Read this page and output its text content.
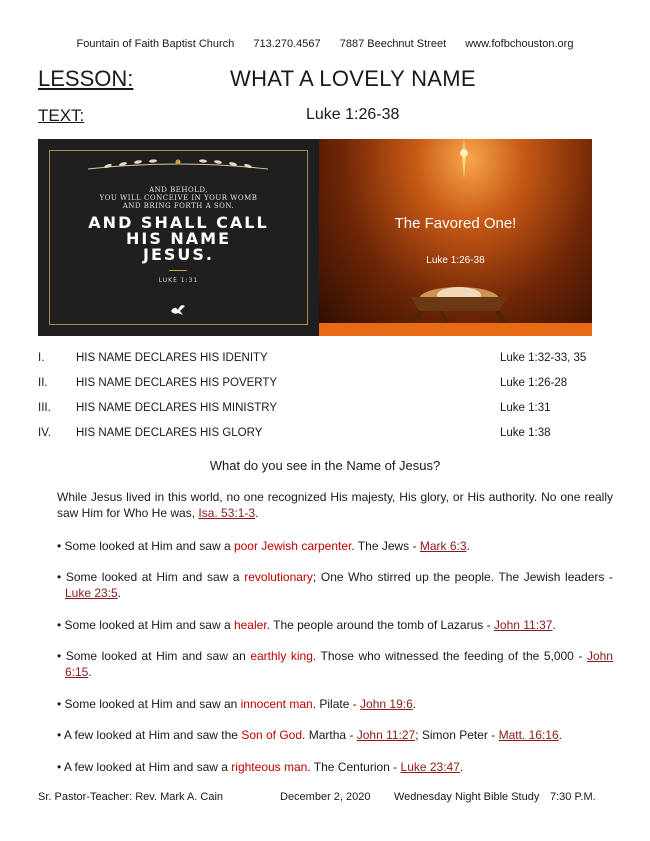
Fountain of Faith Baptist Church 713.270.4567 7887 Beechnut Street www.fofbchouston.org
LESSON:	WHAT A LOVELY NAME
TEXT:	Luke 1:26-38
AND BEHOLD,
YOU WILL CONCEIVE IN YOUR WOMB
AND BRING FORTH A SON.
AND SHALL CALL
HIS NAME
JESUS.
LUKE 1:31
The Favored One!
Luke 1:26-38
I.	HIS NAME DECLARES HIS IDENITY	Luke 1:32-33, 35
II. HIS NAME DECLARES HIS POVERTY	Luke 1:26-28
III. HIS NAME DECLARES HIS MINISTRY	Luke 1:31
IV. HIS NAME DECLARES HIS GLORY	Luke 1:38
What do you see in the Name of Jesus?
While Jesus lived in this world, no one recognized His majesty, His glory, or His authority. No one really saw Him for Who He was, Isa. 53:1-3.
• Some looked at Him and saw a poor Jewish carpenter. The Jews - Mark 6:3.
• Some looked at Him and saw a revolutionary; One Who stirred up the people. The Jewish leaders - Luke 23:5.
• Some looked at Him and saw a healer. The people around the tomb of Lazarus - John 11:37.
• Some looked at Him and saw an earthly king. Those who witnessed the feeding of the 5,000 - John 6:15.
• Some looked at Him and saw an innocent man. Pilate - John 19:6.
• A few looked at Him and saw the Son of God. Martha - John 11:27; Simon Peter - Matt. 16:16.
• A few looked at Him and saw a righteous man. The Centurion - Luke 23:47.
Sr. Pastor-Teacher: Rev. Mark A. Cain	December 2, 2020 Wednesday Night Bible Study 7:30 P.M.
